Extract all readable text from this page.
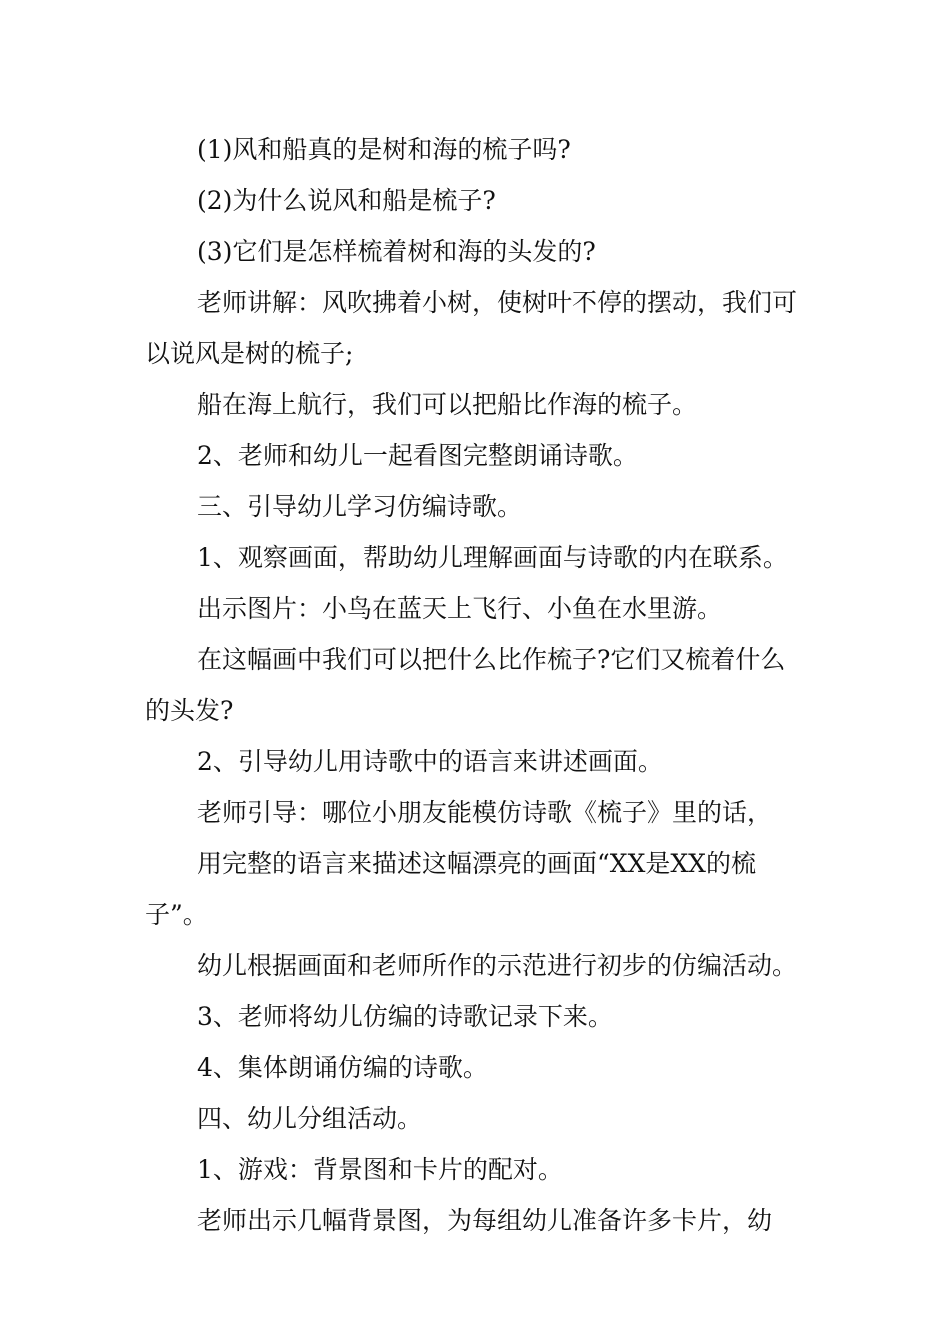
(1)风和船真的是树和海的梳子吗?

(2)为什么说风和船是梳子?

(3)它们是怎样梳着树和海的头发的?

老师讲解：风吹拂着小树，使树叶不停的摆动，我们可以说风是树的梳子;

船在海上航行，我们可以把船比作海的梳子。

2、老师和幼儿一起看图完整朗诵诗歌。

三、引导幼儿学习仿编诗歌。

1、观察画面，帮助幼儿理解画面与诗歌的内在联系。

出示图片：小鸟在蓝天上飞行、小鱼在水里游。

在这幅画中我们可以把什么比作梳子?它们又梳着什么的头发?

2、引导幼儿用诗歌中的语言来讲述画面。

老师引导：哪位小朋友能模仿诗歌《梳子》里的话，

用完整的语言来描述这幅漂亮的画面“XX是XX的梳子”。

幼儿根据画面和老师所作的示范进行初步的仿编活动。

3、老师将幼儿仿编的诗歌记录下来。

4、集体朗诵仿编的诗歌。

四、幼儿分组活动。

1、游戏：背景图和卡片的配对。

老师出示几幅背景图，为每组幼儿准备许多卡片，幼
